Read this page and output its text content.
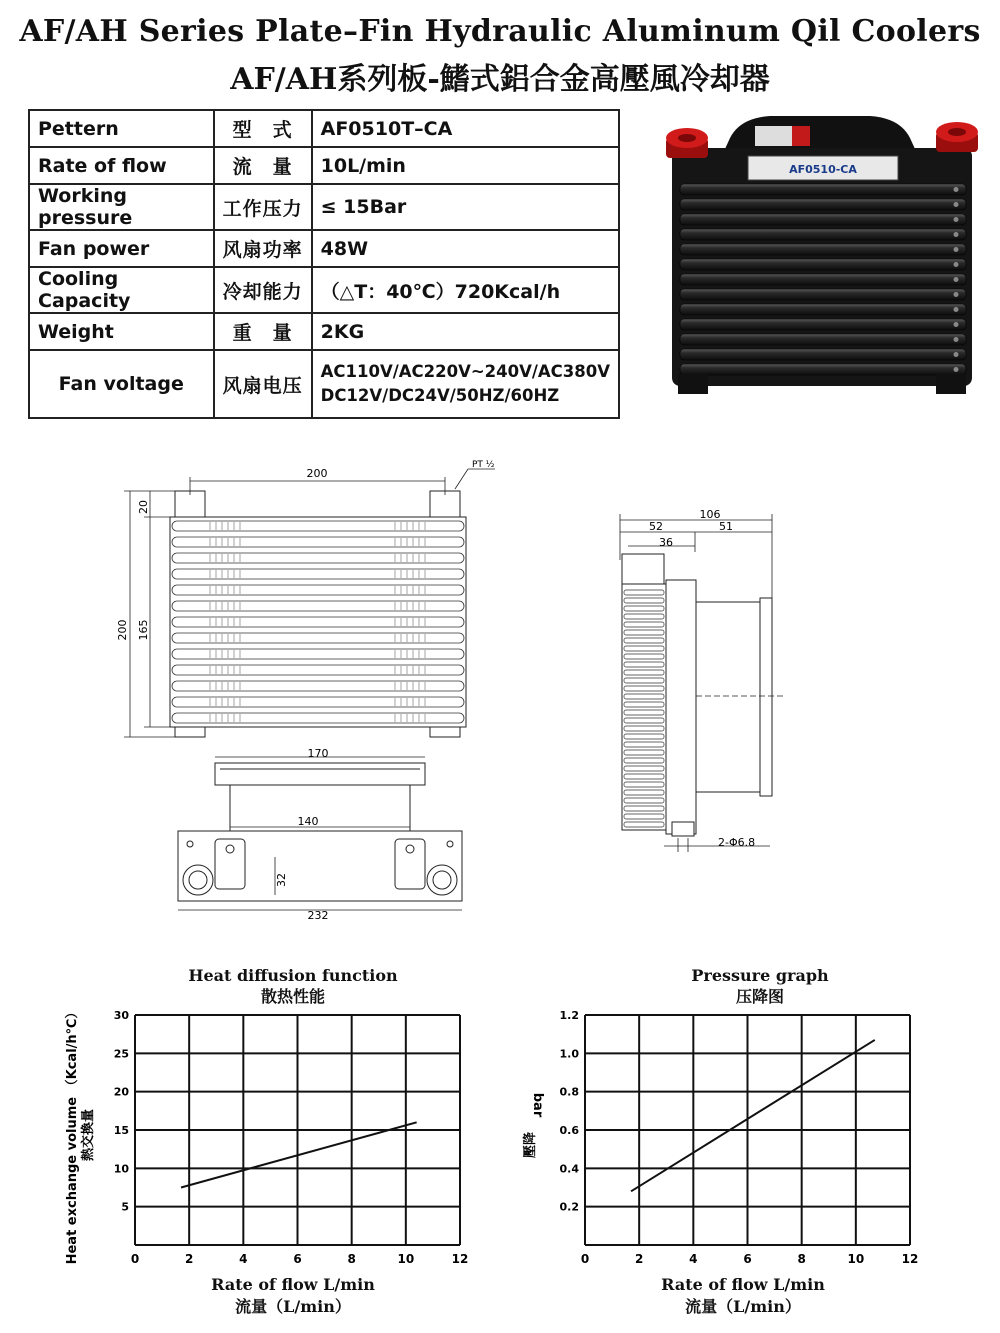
AF/AH Series Plate–Fin Hydraulic Aluminum Qil Coolers
AF/AH系列板-鰭式鋁合金高壓風冷却器
Pettern	型　式	AF0510T–CA
Rate of flow	流　量	10L/min
Working pressure	工作压力	≤ 15Bar
Fan power	风扇功率	48W
Cooling Capacity	冷却能力	（△T：40℃）720Kcal/h
Weight	重　量	2KG
Fan voltage	风扇电压	AC110V/AC220V~240V/AC380V
DC12V/DC24V/50HZ/60HZ
AF0510-CA
200
PT ½
20
200 165
170
140
232
32
106
52	51
36
2-Φ6.8
Heat diffusion function
散热性能
Pressure graph
压降图
0	2	4	6	8	10	12
5
10
15
20
25
30
Heat exchange volume （Kcal/h℃） 熱交換量
0	2	4	6	8	10	12
0.2
0.4
0.6
0.8
1.0
1.2
壓降
bar
Rate of flow L/min
流量（L/min）
Rate of flow L/min
流量（L/min）
